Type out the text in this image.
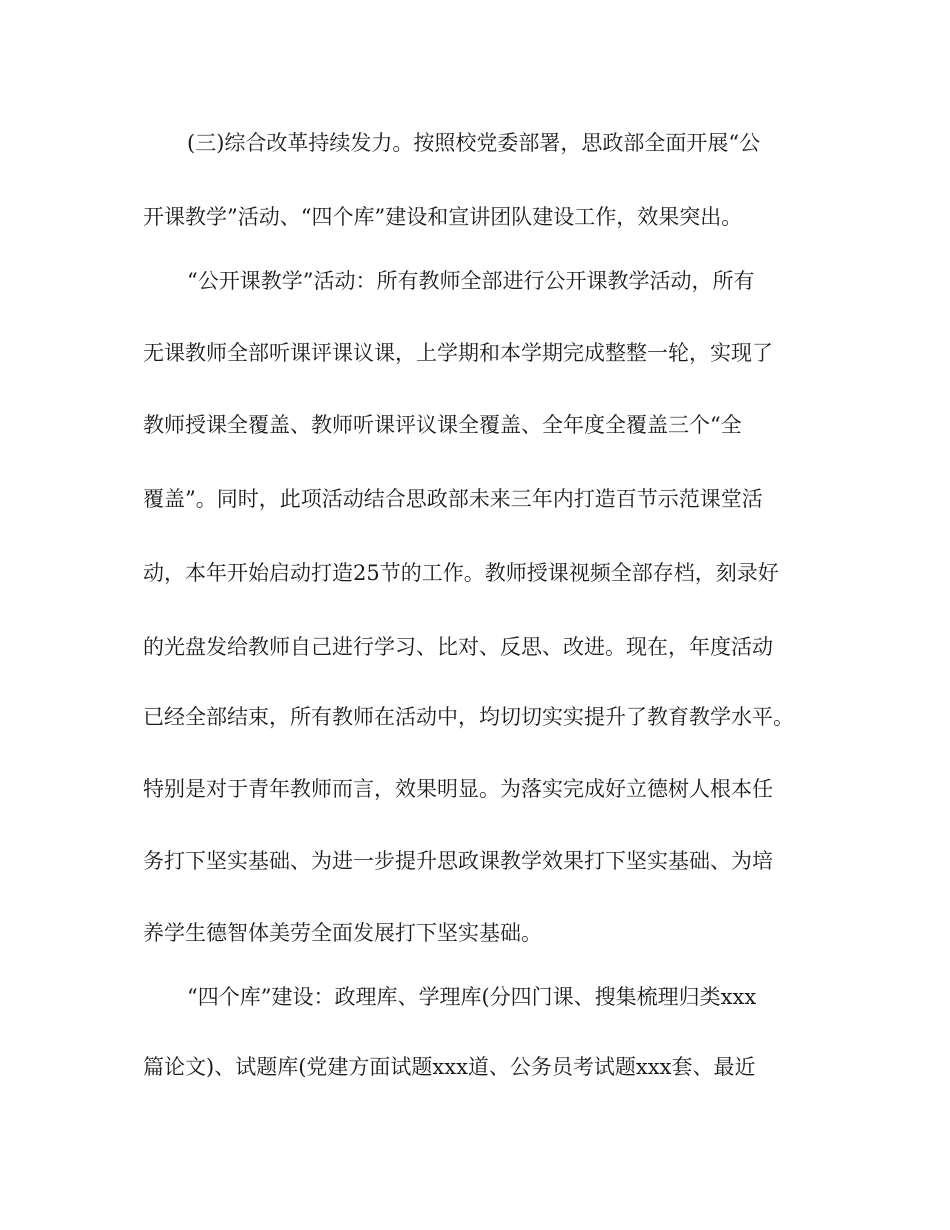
(三)综合改革持续发力。按照校党委部署，思政部全面开展“公
开课教学”活动、“四个库”建设和宣讲团队建设工作，效果突出。
“公开课教学”活动：所有教师全部进行公开课教学活动，所有
无课教师全部听课评课议课，上学期和本学期完成整整一轮，实现了
教师授课全覆盖、教师听课评议课全覆盖、全年度全覆盖三个“全
覆盖”。同时，此项活动结合思政部未来三年内打造百节示范课堂活
动，本年开始启动打造25节的工作。教师授课视频全部存档，刻录好
的光盘发给教师自己进行学习、比对、反思、改进。现在，年度活动
已经全部结束，所有教师在活动中，均切切实实提升了教育教学水平。
特别是对于青年教师而言，效果明显。为落实完成好立德树人根本任
务打下坚实基础、为进一步提升思政课教学效果打下坚实基础、为培
养学生德智体美劳全面发展打下坚实基础。
“四个库”建设：政理库、学理库(分四门课、搜集梳理归类xxx
篇论文)、试题库(党建方面试题xxx道、公务员考试题xxx套、最近
